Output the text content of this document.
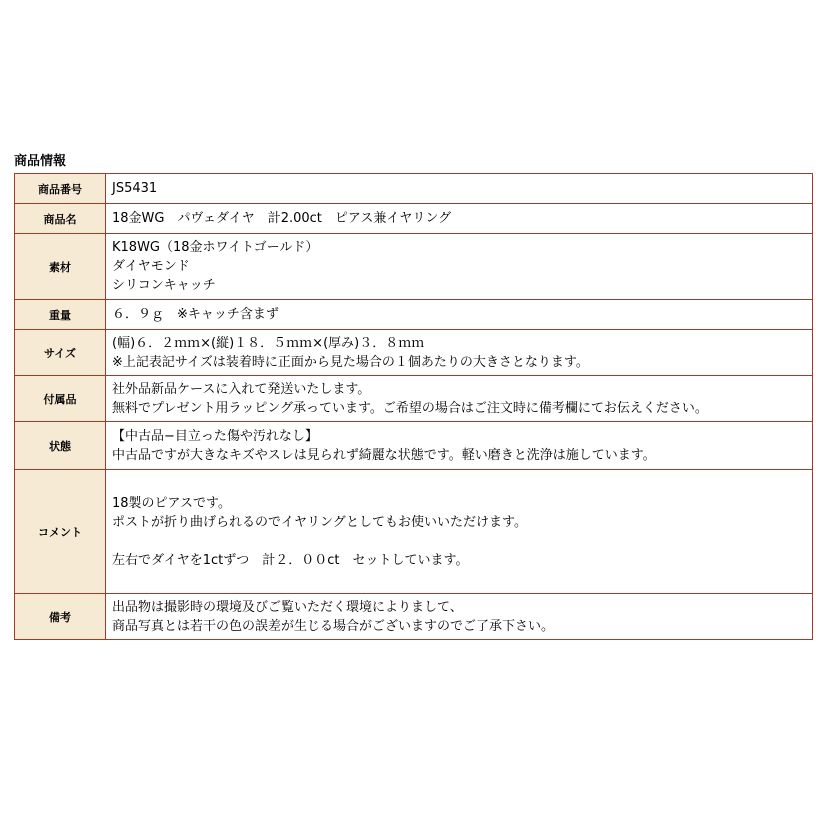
商品情報
商品番号	JS5431

商品名	18金WG　パヴェダイヤ　計2.00ct　ピアス兼イヤリング

素材	K18WG（18金ホワイトゴールド）
ダイヤモンド
シリコンキャッチ

重量	６．９ｇ　※キャッチ含まず

サイズ	(幅)６．２ｍｍ×(縦)１８．５ｍｍ×(厚み)３．８ｍｍ
※上記表記サイズは装着時に正面から見た場合の１個あたりの大きさとなります。

付属品	社外品新品ケースに入れて発送いたします。
無料でプレゼント用ラッピング承っています。ご希望の場合はご注文時に備考欄にてお伝えください。

状態	【中古品−目立った傷や汚れなし】
中古品ですが大きなキズやスレは見られず綺麗な状態です。軽い磨きと洗浄は施しています。

コメント	18製のピアスです。
ポストが折り曲げられるのでイヤリングとしてもお使いいただけます。
左右でダイヤを1ctずつ　計２．００ct　セットしています。

備考	出品物は撮影時の環境及びご覧いただく環境によりまして、
商品写真とは若干の色の誤差が生じる場合がございますのでご了承下さい。
